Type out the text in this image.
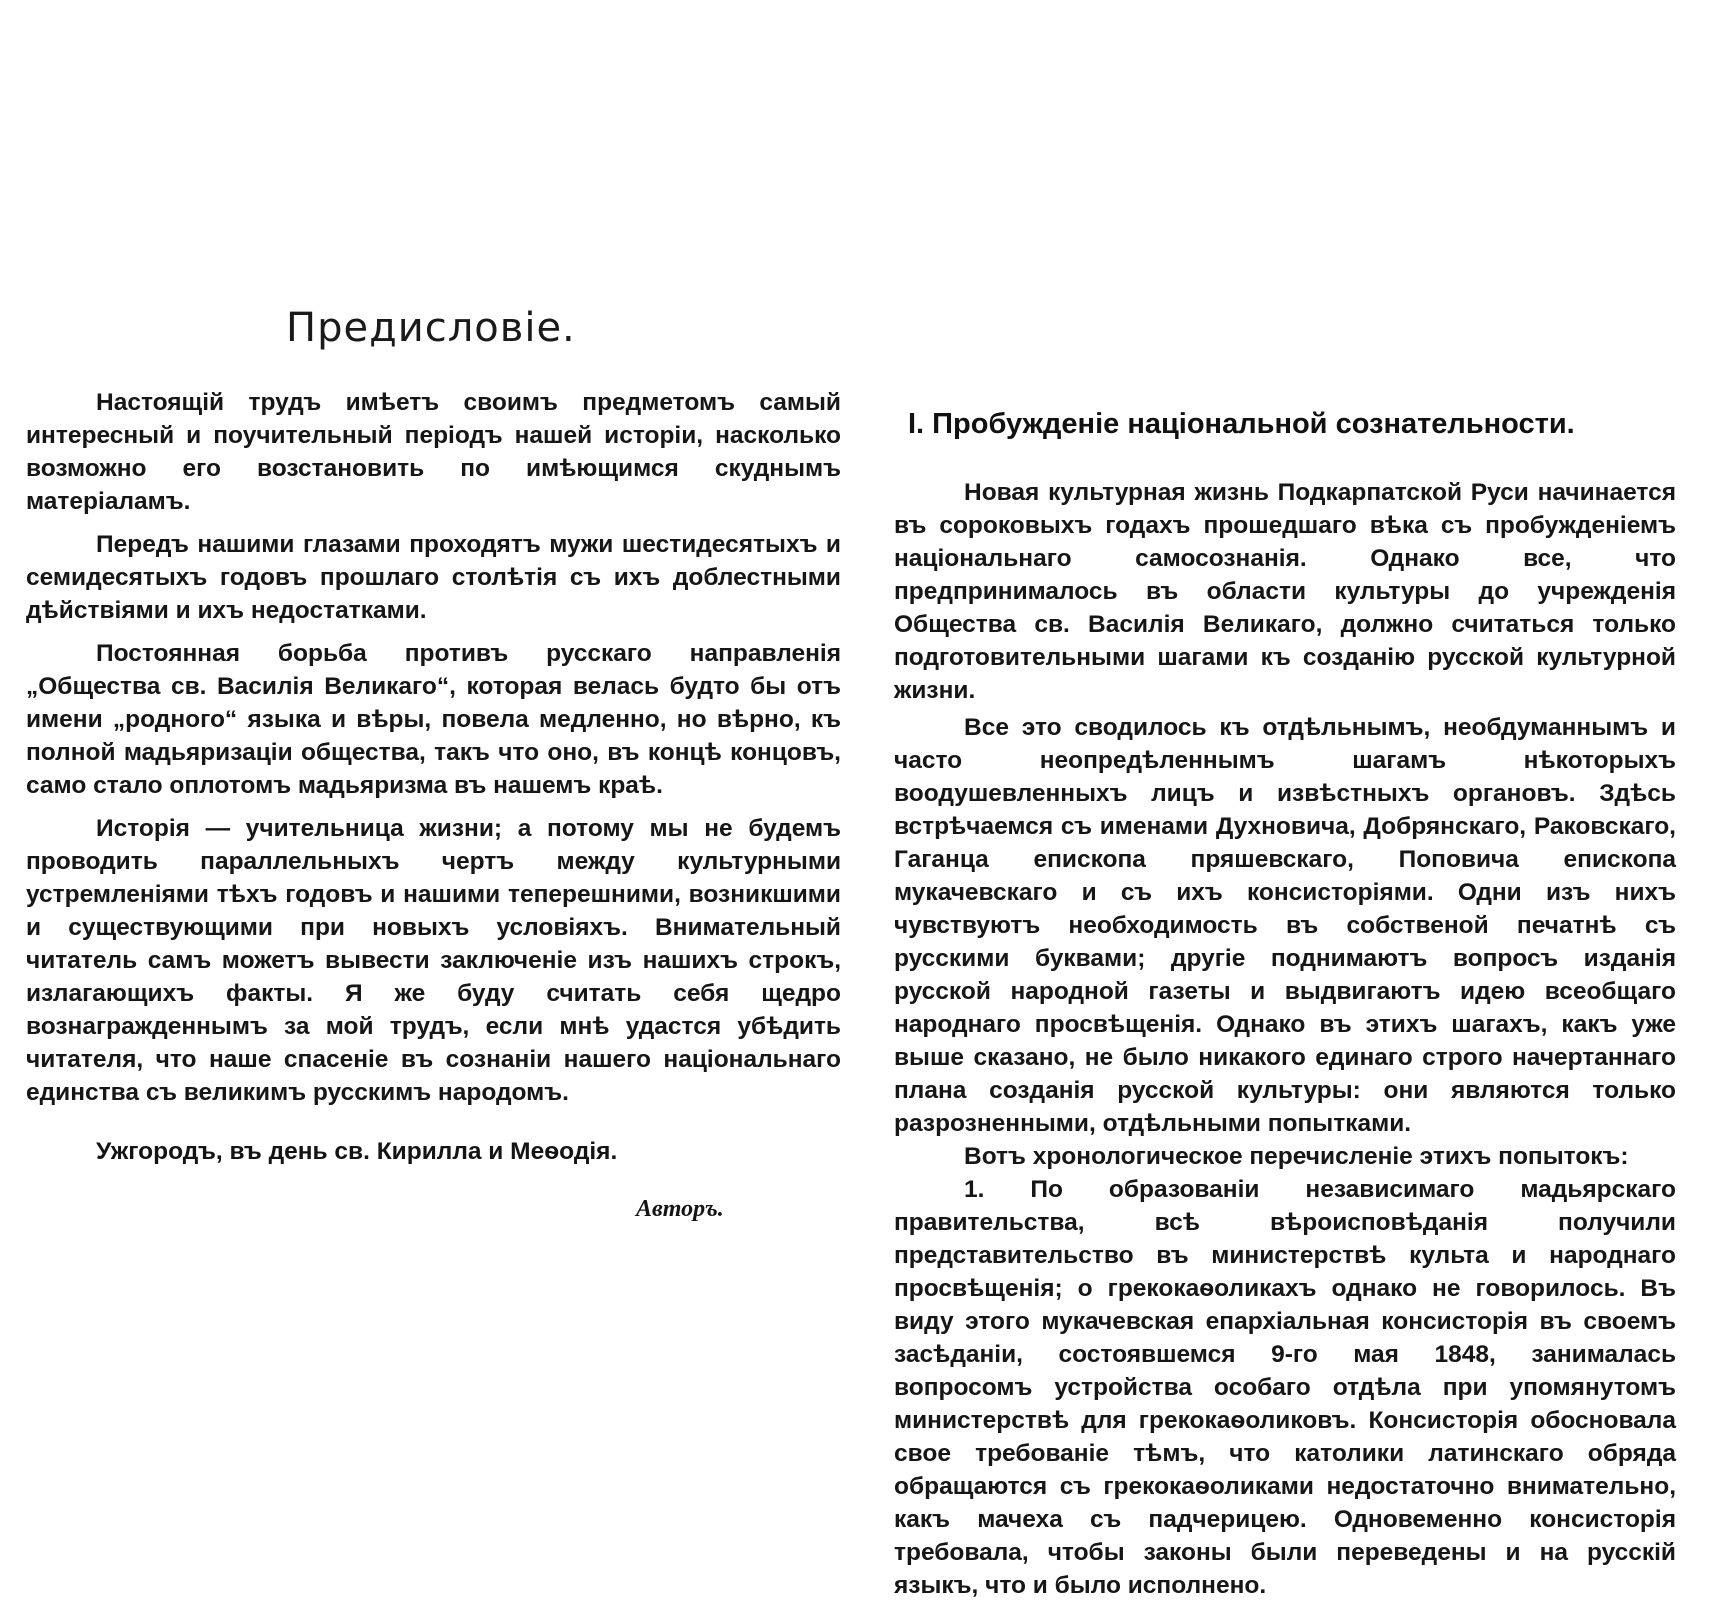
Предисловіе.

Настоящій трудъ имѣетъ своимъ предметомъ самый интересный и поучительный періодъ нашей исторіи, насколько возможно его возстановить по имѣющимся скуднымъ матеріаламъ.

Передъ нашими глазами проходятъ мужи шестидесятыхъ и семидесятыхъ годовъ прошлаго столѣтія съ ихъ доблестными дѣйствіями и ихъ недостатками.

Постоянная борьба противъ русскаго направленія „Общества св. Василія Великаго“, которая велась будто бы отъ имени „родного“ языка и вѣры, повела медленно, но вѣрно, къ полной мадьяризаціи общества, такъ что оно, въ концѣ концовъ, само стало оплотомъ мадьяризма въ нашемъ краѣ.

Исторія — учительница жизни; а потому мы не будемъ проводить параллельныхъ чертъ между культурными устремленіями тѣхъ годовъ и нашими теперешними, возникшими и существующими при новыхъ условіяхъ. Внимательный читатель самъ можетъ вывести заключеніе изъ нашихъ строкъ, излагающихъ факты. Я же буду считать себя щедро вознагражденнымъ за мой трудъ, если мнѣ удастся убѣдить читателя, что наше спасеніе въ сознаніи нашего національнаго единства съ великимъ русскимъ народомъ.

Ужгородъ, въ день св. Кирилла и Меѳодія.
Авторъ.
I. Пробужденіе національной сознательности.

Новая культурная жизнь Подкарпатской Руси начинается въ сороковыхъ годахъ прошедшаго вѣка съ пробужденіемъ національнаго самосознанія. Однако все, что предпринималось въ области культуры до учрежденія Общества св. Василія Великаго, должно считаться только подготовительными шагами къ созданію русской культурной жизни.

Все это сводилось къ отдѣльнымъ, необдуманнымъ и часто неопредѣленнымъ шагамъ нѣкоторыхъ воодушевленныхъ лицъ и извѣстныхъ органовъ. Здѣсь встрѣчаемся съ именами Духновича, Добрянскаго, Раковскаго, Гаганца епископа пряшевскаго, Поповича епископа мукачевскаго и съ ихъ консисторіями. Одни изъ нихъ чувствуютъ необходимость въ собственой печатнѣ съ русскими буквами; другіе поднимаютъ вопросъ изданія русской народной газеты и выдвигаютъ идею всеобщаго народнаго просвѣщенія. Однако въ этихъ шагахъ, какъ уже выше сказано, не было никакого единаго строго начертаннаго плана созданія русской культуры: они являются только разрозненными, отдѣльными попытками.

Вотъ хронологическое перечисленіе этихъ попытокъ:

1. По образованіи независимаго мадьярскаго правительства, всѣ вѣроисповѣданія получили представительство въ министерствѣ культа и народнаго просвѣщенія; о грекокаѳоликахъ однако не говорилось. Въ виду этого мукачевская епархіальная консисторія въ своемъ засѣданіи, состоявшемся 9-го мая 1848, занималась вопросомъ устройства особаго отдѣла при упомянутомъ министерствѣ для грекокаѳоликовъ. Консисторія обосновала свое требованіе тѣмъ, что католики латинскаго обряда обращаются съ грекокаѳоликами недостаточно внимательно, какъ мачеха съ падчерицею. Одновеменно консисторія требовала, чтобы законы были переведены и на русскій языкъ, что и было исполнено.
